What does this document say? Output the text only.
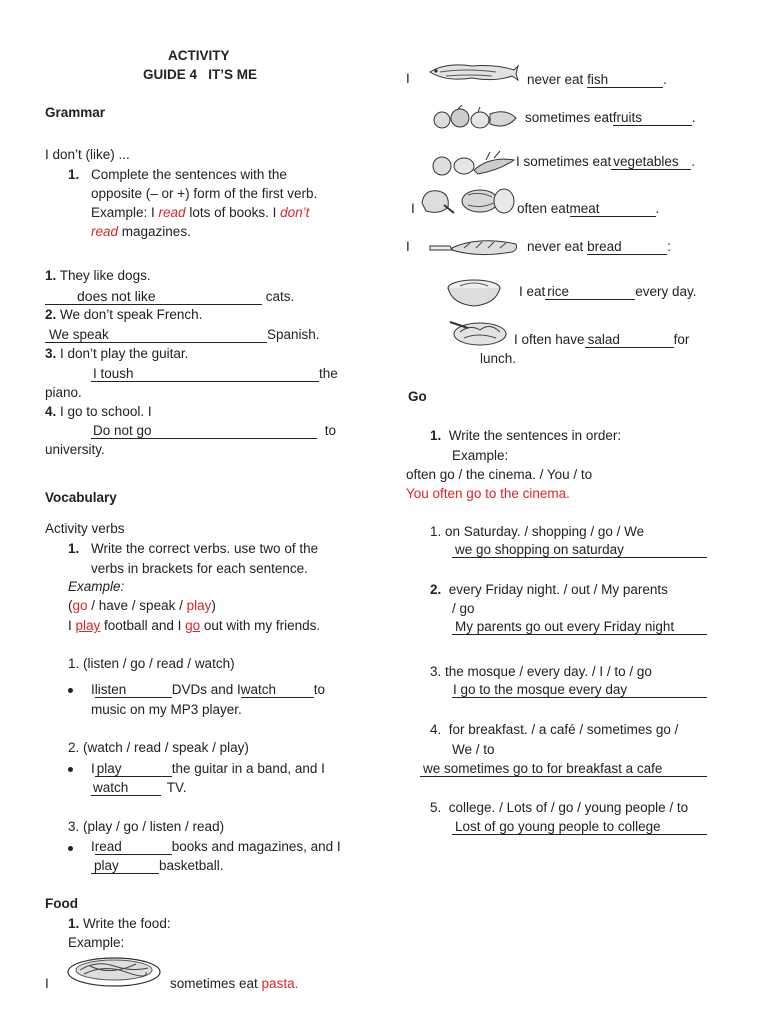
ACTIVITY
GUIDE 4   IT’S ME
Grammar
I don’t (like) ...
1. Complete the sentences with the
opposite (– or +) form of the first verb.
Example: I read lots of books. I don’t
read magazines.
1. They like dogs.
does not like	cats.
2. We don’t speak French.
We speak	Spanish.
3. I don’t play the guitar.
I toush	the
piano.
4. I go to school. I
Do not go	to
university.
Vocabulary
Activity verbs
1. Write the correct verbs. use two of the
verbs in brackets for each sentence.
Example:
(go / have / speak / play)
I play football and I go out with my friends.
1. (listen / go / read / watch)
Ilisten	DVDs and Iwatch	to
music on my MP3 player.
2. (watch / read / speak / play)
I play	the guitar in a band, and I
watch	TV.
3. (play / go / listen / read)
Iread	books and magazines, and I
play	basketball.
Food
1. Write the food:
Example:
I	sometimes eat pasta.
I	never eat fish	.
sometimes eatfruits	.
I sometimes eat vegetables .
I	often eatmeat	.
I	never eat bread	:
I eat rice	every day.
I often have salad	for
lunch.
Go
1. Write the sentences in order:
Example:
often go / the cinema. / You / to
You often go to the cinema.
1. on Saturday. / shopping / go / We
we go shopping on saturday
2. every Friday night. / out / My parents
/ go
My parents go out every Friday night
3. the mosque / every day. / I / to / go
I go to the mosque every day
4. for breakfast. / a café / sometimes go /
We / to
we sometimes go to for breakfast a cafe
5. college. / Lots of / go / young people / to
Lost of go young people to college
